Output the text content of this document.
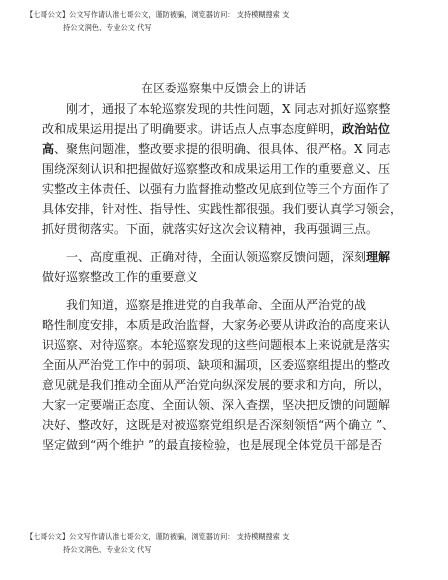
【七哥公文】公文写作请认准七哥公文，谨防被骗，浏览器访问： 支持模糊搜索 支
持公文润色、专业公文 代写
在区委巡察集中反馈会上的讲话
刚才，通报了本轮巡察发现的共性问题，X 同志对抓好巡察整
改和成果运用提出了明确要求。讲话点人点事态度鲜明，政治站位
高、聚焦问题准，整改要求提的很明确、很具体、很严格。X 同志
围绕深刻认识和把握做好巡察整改和成果运用工作的重要意义、压
实整改主体责任、以强有力监督推动整改见底到位等三个方面作了
具体安排，针对性、指导性、实践性都很强。我们要认真学习领会，
抓好贯彻落实。下面，就落实好这次会议精神，我再强调三点。
一、高度重视、正确对待，全面认领巡察反馈问题，深刻理解
做好巡察整改工作的重要意义
我们知道，巡察是推进党的自我革命、全面从严治党的战
略性制度安排，本质是政治监督，大家务必要从讲政治的高度来认
识巡察、对待巡察。本轮巡察发现的这些问题根本上来说就是落实
全面从严治党工作中的弱项、缺项和漏项，区委巡察组提出的整改
意见就是我们推动全面从严治党向纵深发展的要求和方向，所以，
大家一定要端正态度、全面认领、深入查摆，坚决把反馈的问题解
决好、整改好，这既是对被巡察党组织是否深刻领悟“两个确立 ”、
坚定做到“两个维护 ”的最直接检验，也是展现全体党员干部是否
【七哥公文】公文写作请认准七哥公文，谨防被骗，浏览器访问： 支持模糊搜索 支
持公文润色、专业公文 代写
